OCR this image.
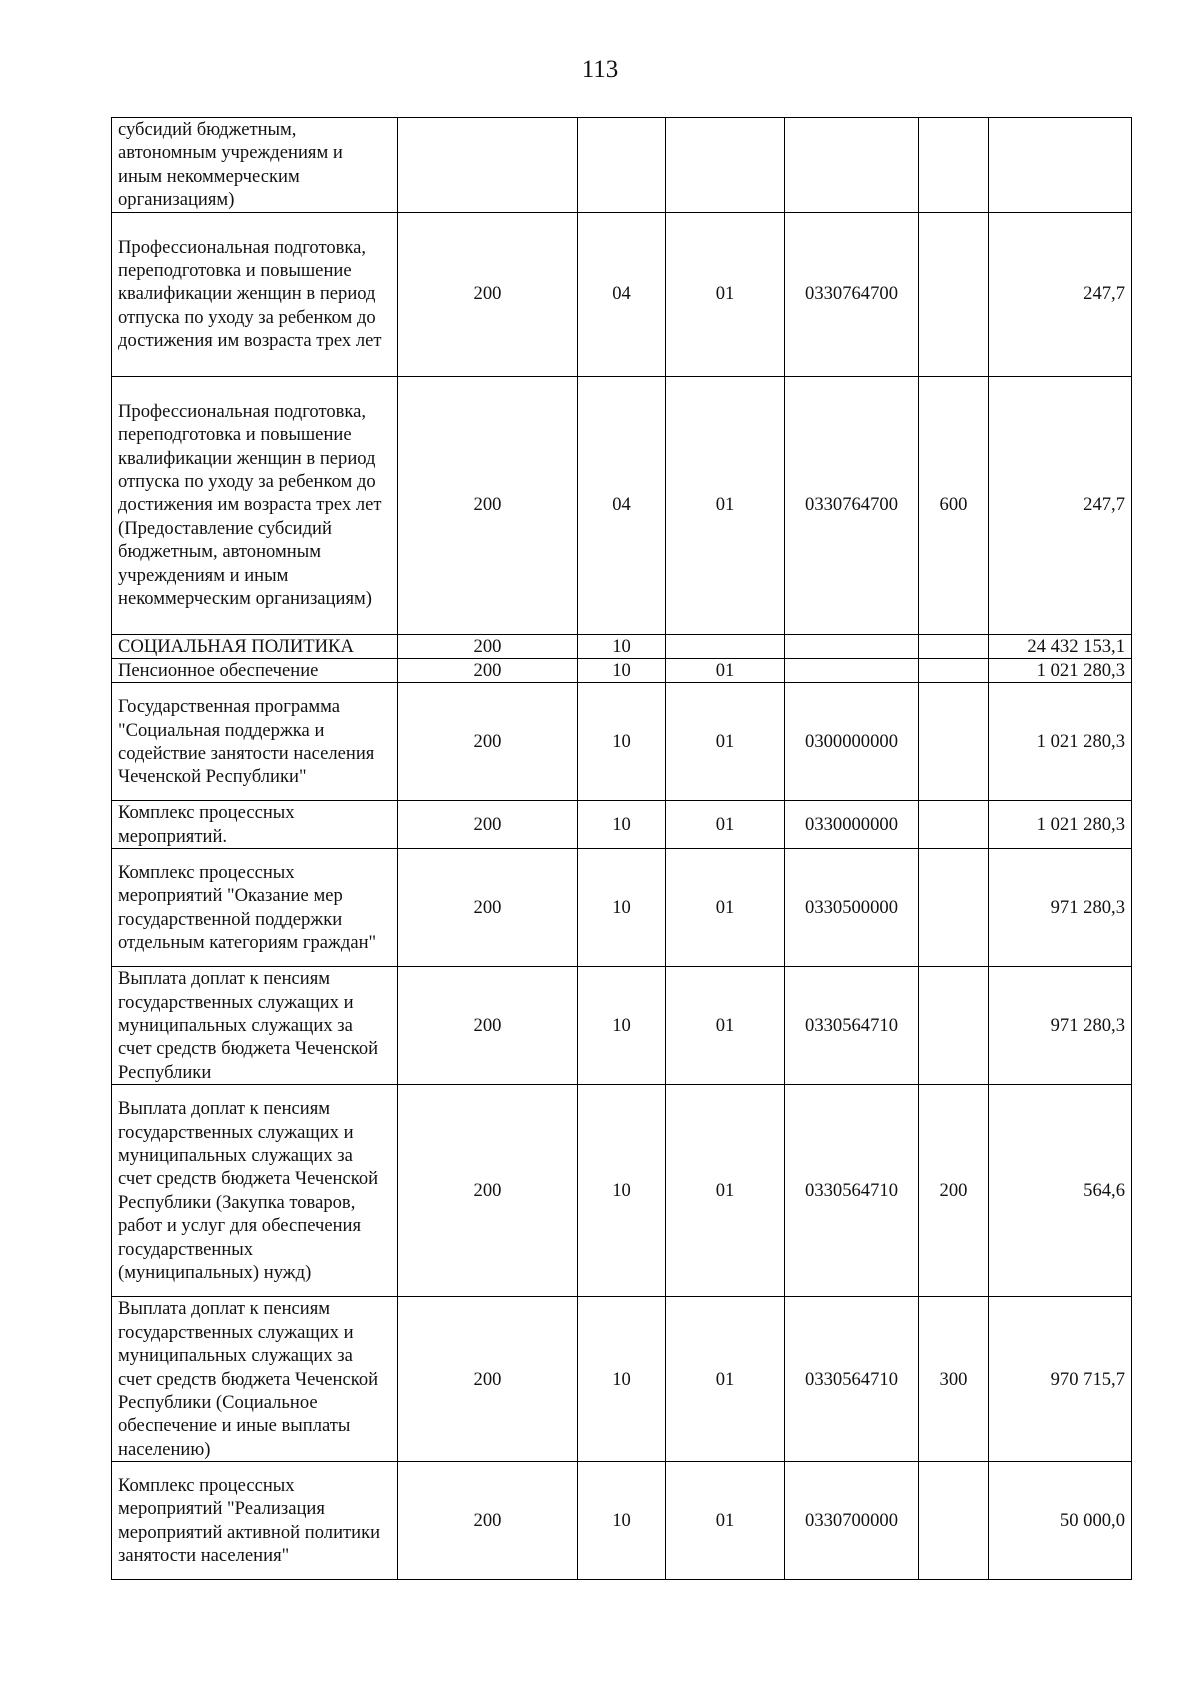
113
субсидий бюджетным, автономным учреждениям и иным некоммерческим организациям)						
Профессиональная подготовка, переподготовка и повышение квалификации женщин в период отпуска по уходу за ребенком до достижения им возраста трех лет	200	04	01	0330764700		247,7
Профессиональная подготовка, переподготовка и повышение квалификации женщин в период отпуска по уходу за ребенком до достижения им возраста трех лет (Предоставление субсидий бюджетным, автономным учреждениям и иным некоммерческим организациям)	200	04	01	0330764700	600	247,7
СОЦИАЛЬНАЯ ПОЛИТИКА	200	10				24 432 153,1
Пенсионное обеспечение	200	10	01			1 021 280,3
Государственная программа "Социальная поддержка и содействие занятости населения Чеченской Республики"	200	10	01	0300000000		1 021 280,3
Комплекс процессных мероприятий.	200	10	01	0330000000		1 021 280,3
Комплекс процессных мероприятий "Оказание мер государственной поддержки отдельным категориям граждан"	200	10	01	0330500000		971 280,3
Выплата доплат к пенсиям государственных служащих и муниципальных служащих за счет средств бюджета Чеченской Республики	200	10	01	0330564710		971 280,3
Выплата доплат к пенсиям государственных служащих и муниципальных служащих за счет средств бюджета Чеченской Республики (Закупка товаров, работ и услуг для обеспечения государственных (муниципальных) нужд)	200	10	01	0330564710	200	564,6
Выплата доплат к пенсиям государственных служащих и муниципальных служащих за счет средств бюджета Чеченской Республики (Социальное обеспечение и иные выплаты населению)	200	10	01	0330564710	300	970 715,7
Комплекс процессных мероприятий "Реализация мероприятий активной политики занятости населения"	200	10	01	0330700000		50 000,0
